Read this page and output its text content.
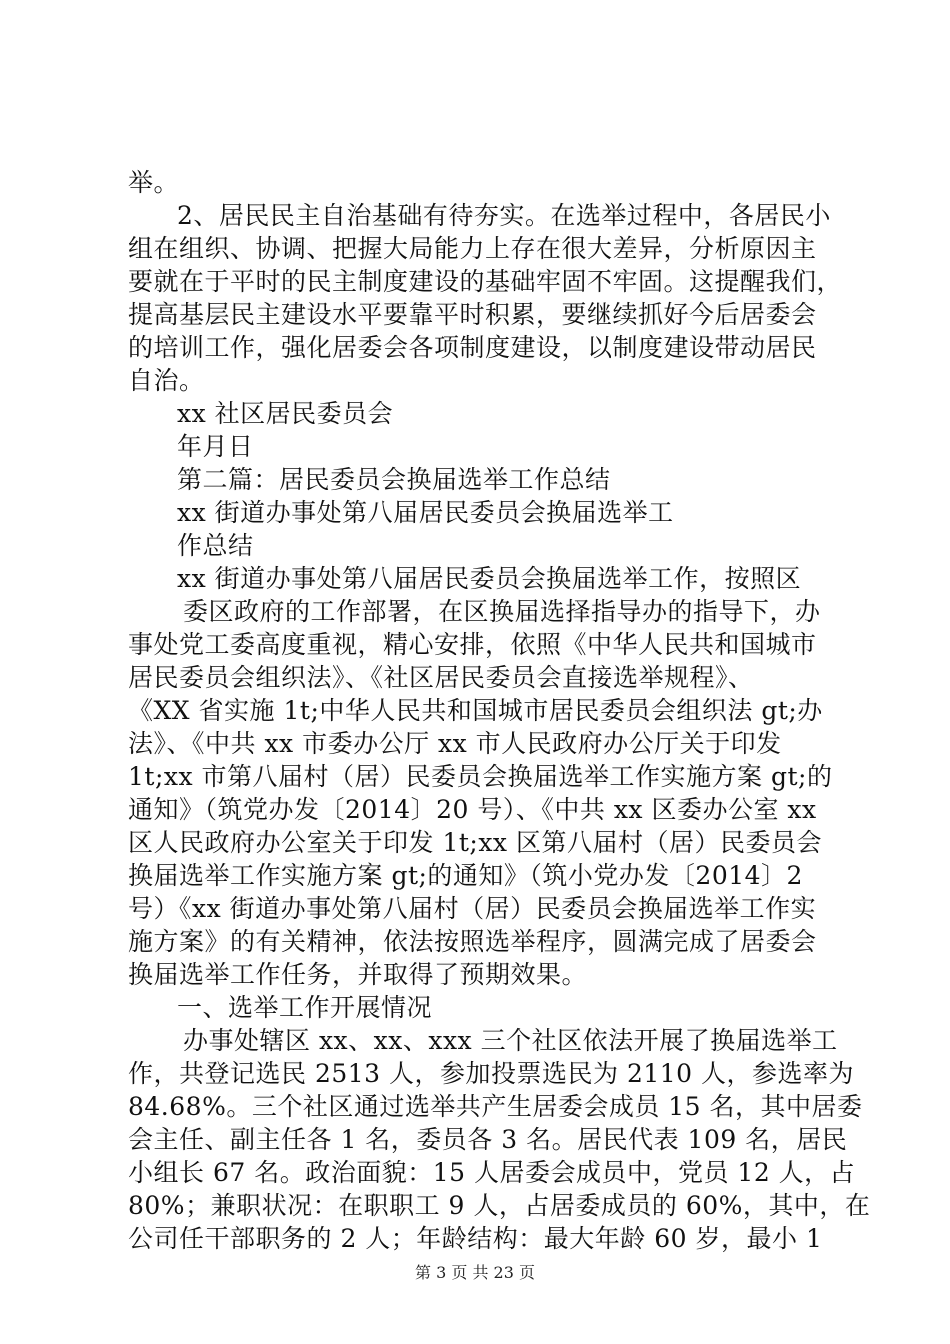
举。
2、居民民主自治基础有待夯实。在选举过程中，各居民小
组在组织、协调、把握大局能力上存在很大差异，分析原因主
要就在于平时的民主制度建设的基础牢固不牢固。这提醒我们，
提高基层民主建设水平要靠平时积累，要继续抓好今后居委会
的培训工作，强化居委会各项制度建设，以制度建设带动居民
自治。
xx 社区居民委员会
年月日
第二篇：居民委员会换届选举工作总结
xx 街道办事处第八届居民委员会换届选举工
作总结
xx 街道办事处第八届居民委员会换届选举工作，按照区
委区政府的工作部署，在区换届选择指导办的指导下，办
事处党工委高度重视，精心安排，依照《中华人民共和国城市
居民委员会组织法》、《社区居民委员会直接选举规程》、
《XX 省实施 1t;中华人民共和国城市居民委员会组织法 gt;办
法》、《中共 xx 市委办公厅 xx 市人民政府办公厅关于印发
1t;xx 市第八届村（居）民委员会换届选举工作实施方案 gt;的
通知》（筑党办发〔2014〕20 号）、《中共 xx 区委办公室 xx
区人民政府办公室关于印发 1t;xx 区第八届村（居）民委员会
换届选举工作实施方案 gt;的通知》（筑小党办发〔2014〕2
号）《xx 街道办事处第八届村（居）民委员会换届选举工作实
施方案》的有关精神，依法按照选举程序，圆满完成了居委会
换届选举工作任务，并取得了预期效果。
一、选举工作开展情况
办事处辖区 xx、xx、xxx 三个社区依法开展了换届选举工
作，共登记选民 2513 人，参加投票选民为 2110 人，参选率为
84.68%。三个社区通过选举共产生居委会成员 15 名，其中居委
会主任、副主任各 1 名，委员各 3 名。居民代表 109 名，居民
小组长 67 名。政治面貌：15 人居委会成员中，党员 12 人，占
80%；兼职状况：在职职工 9 人，占居委成员的 60%，其中，在
公司任干部职务的 2 人；年龄结构：最大年龄 60 岁，最小 1
第 3 页 共 23 页
